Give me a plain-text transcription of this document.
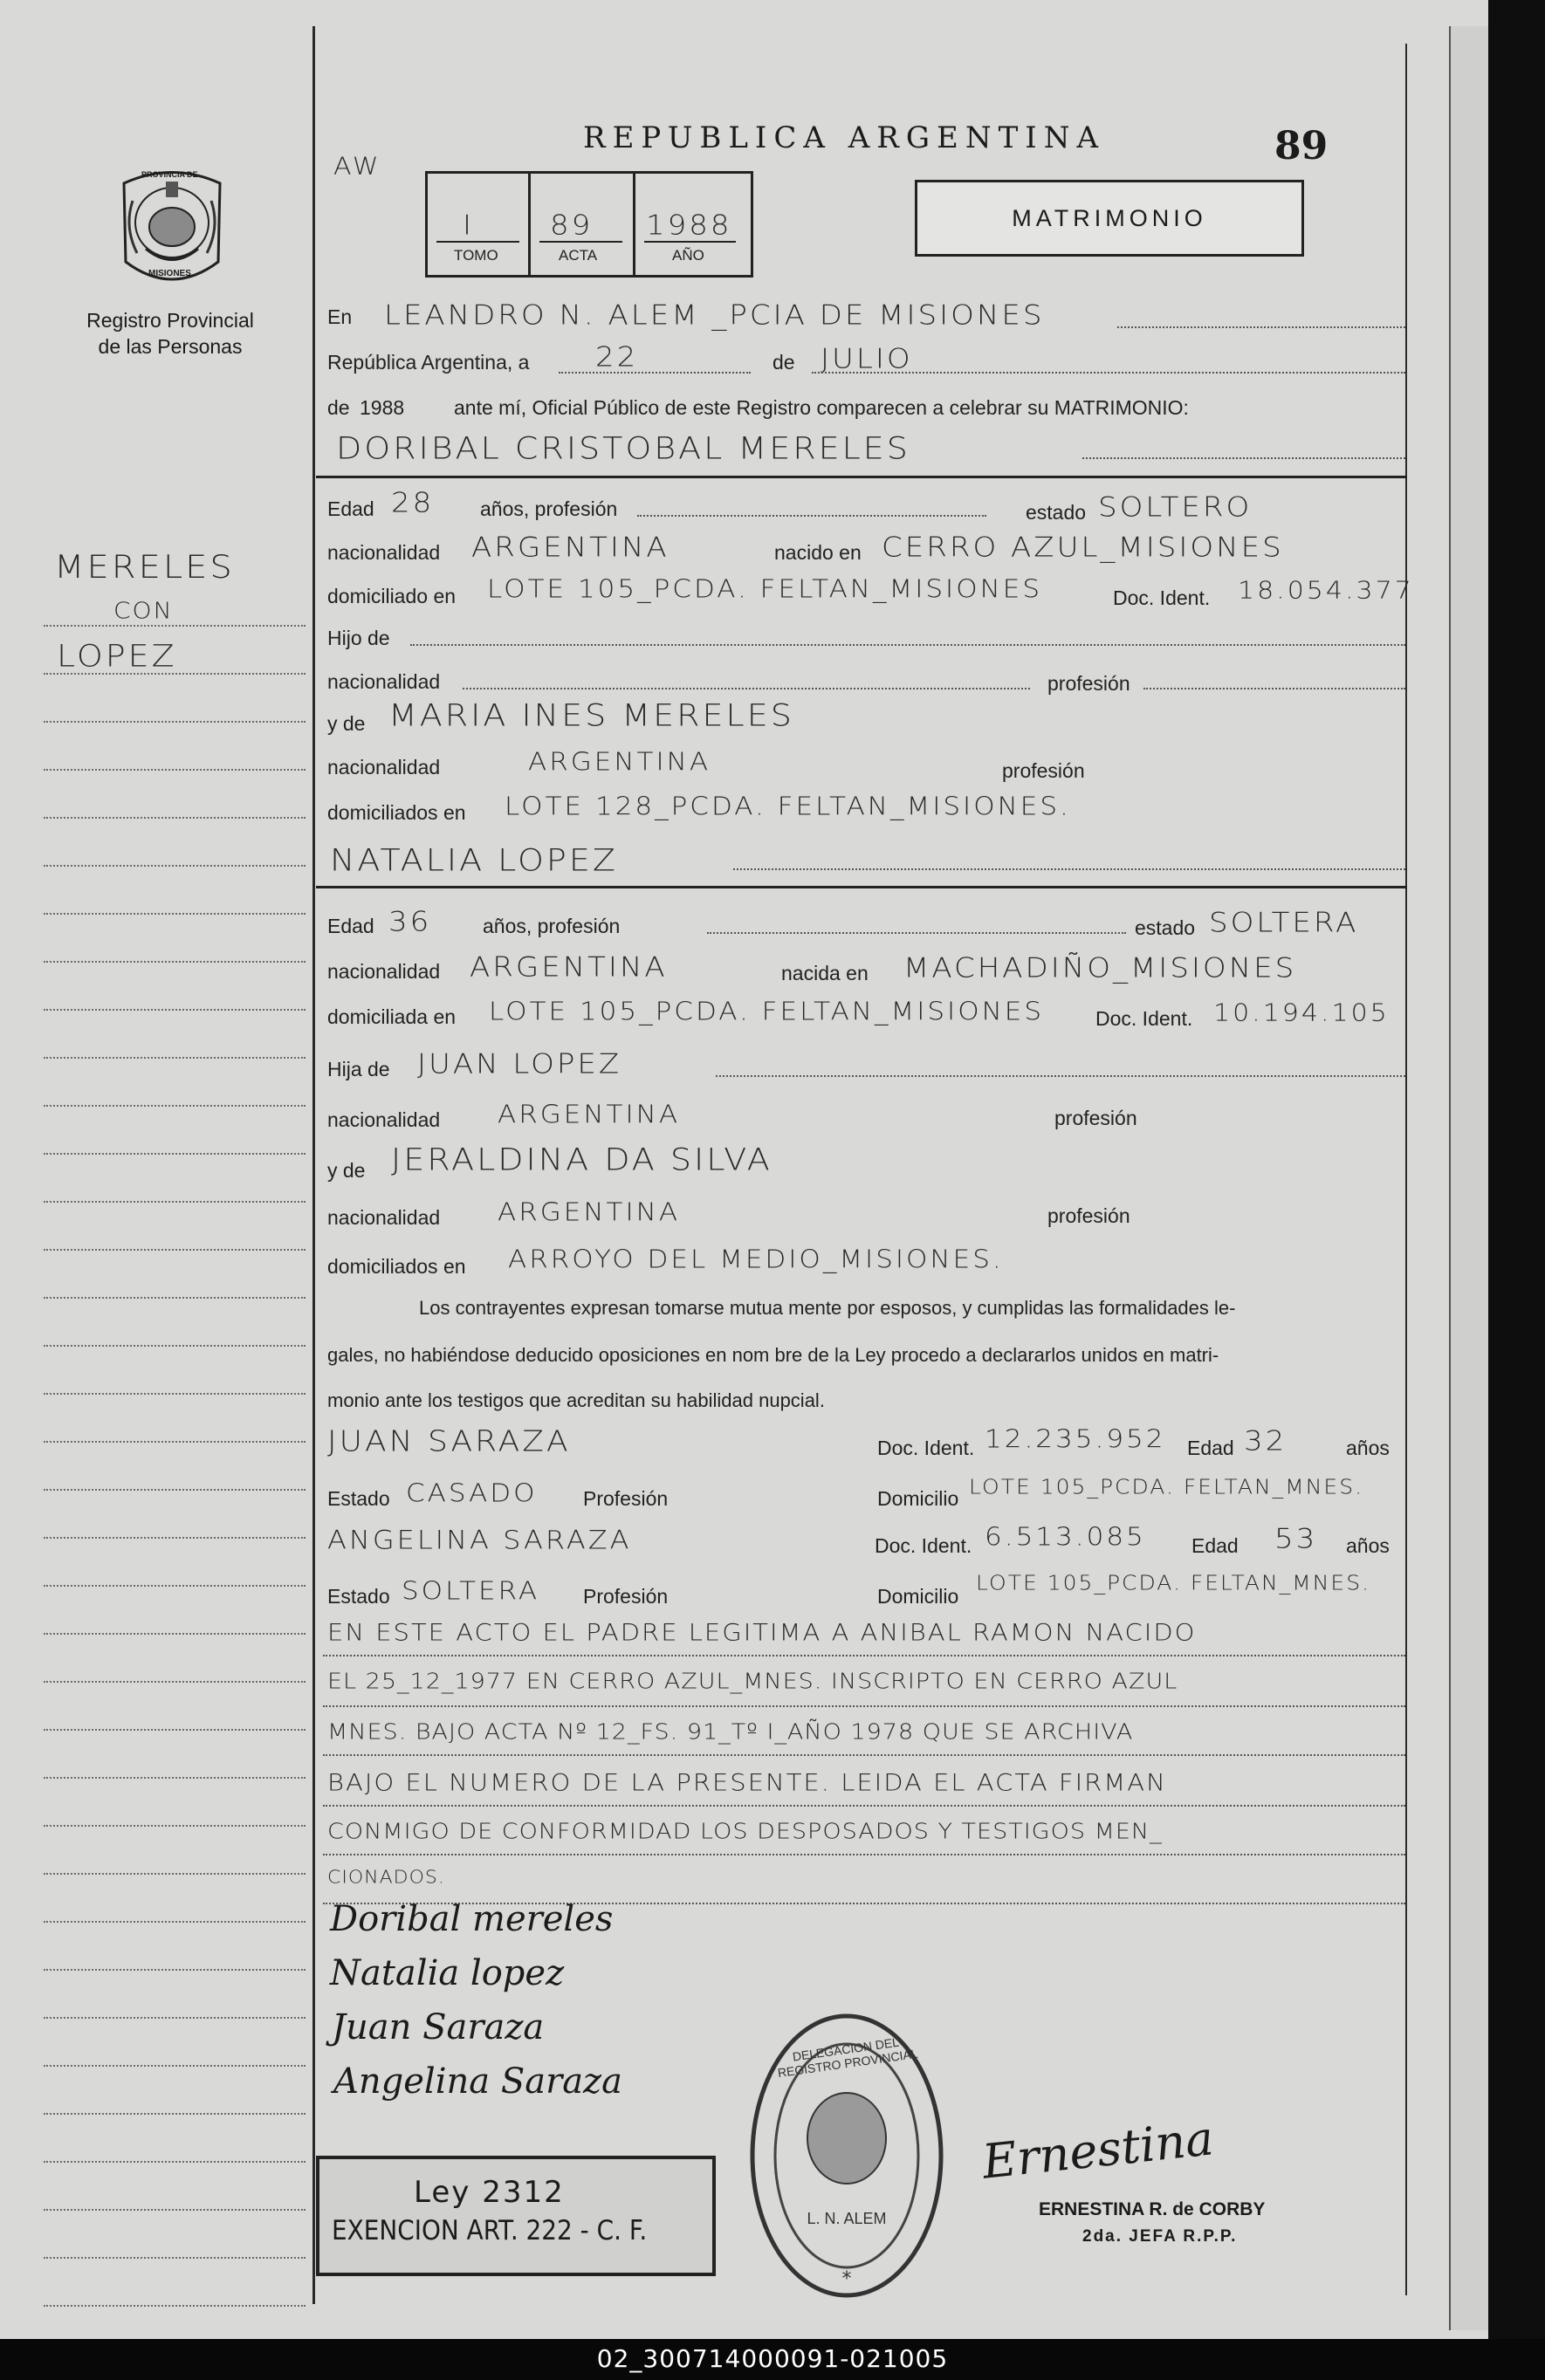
02_300714000091-021005
PROVINCIA DE
MISIONES
Registro Provincial
de las Personas
MERELES
CON
LOPEZ
REPUBLICA ARGENTINA	89
AW
I	89 1988
TOMO	ACTA	AÑO
MATRIMONIO
En LEANDRO N. ALEM _PCIA DE MISIONES
República Argentina, a 22	de JULIO
de 1988 ante mí, Oficial Público de este Registro comparecen a celebrar su MATRIMONIO:
DORIBAL CRISTOBAL MERELES
Edad 28 años, profesión	estado SOLTERO
nacionalidad ARGENTINA	nacido en CERRO AZUL_MISIONES
domiciliado en LOTE 105_PCDA. FELTAN_MISIONES	Doc. Ident. 18.054.377
Hijo de
nacionalidad	profesión
y de MARIA INES MERELES
nacionalidad	ARGENTINA	profesión
domiciliados en LOTE 128_PCDA. FELTAN_MISIONES.
NATALIA LOPEZ
Edad 36	años, profesión	estado SOLTERA
nacionalidad ARGENTINA	nacida en MACHADIÑO_MISIONES
domiciliada en LOTE 105_PCDA. FELTAN_MISIONES	Doc. Ident. 10.194.105
Hija de JUAN LOPEZ
nacionalidad ARGENTINA	profesión
y de JERALDINA DA SILVA
nacionalidad ARGENTINA	profesión
domiciliados en ARROYO DEL MEDIO_MISIONES.
Los contrayentes expresan tomarse mutua mente por esposos, y cumplidas las formalidades le-
gales, no habiéndose deducido oposiciones en nom bre de la Ley procedo a declararlos unidos en matri-
monio ante los testigos que acreditan su habilidad nupcial.
JUAN SARAZA	Doc. Ident. 12.235.952 Edad 32	años
Estado CASADO Profesión	Domicilio LOTE 105_PCDA. FELTAN_MNES.
ANGELINA SARAZA	Doc. Ident. 6.513.085 Edad 53 años
Estado SOLTERA Profesión	Domicilio
LOTE 105_PCDA. FELTAN_MNES.
EN ESTE ACTO EL PADRE LEGITIMA A ANIBAL RAMON NACIDO
EL 25_12_1977 EN CERRO AZUL_MNES. INSCRIPTO EN CERRO AZUL
MNES. BAJO ACTA Nº 12_FS. 91_Tº I_AÑO 1978 QUE SE ARCHIVA
BAJO EL NUMERO DE LA PRESENTE. LEIDA EL ACTA FIRMAN
CONMIGO DE CONFORMIDAD LOS DESPOSADOS Y TESTIGOS MEN_
CIONADOS.
Doribal mereles
Natalia lopez
Juan Saraza
Angelina Saraza
Ley 2312
EXENCION ART. 222 - C. F.
*
DELEGACION DEL REGISTRO PROVINCIAL
L. N. ALEM
Ernestina
ERNESTINA R. de CORBY
2da. JEFA R.P.P.
